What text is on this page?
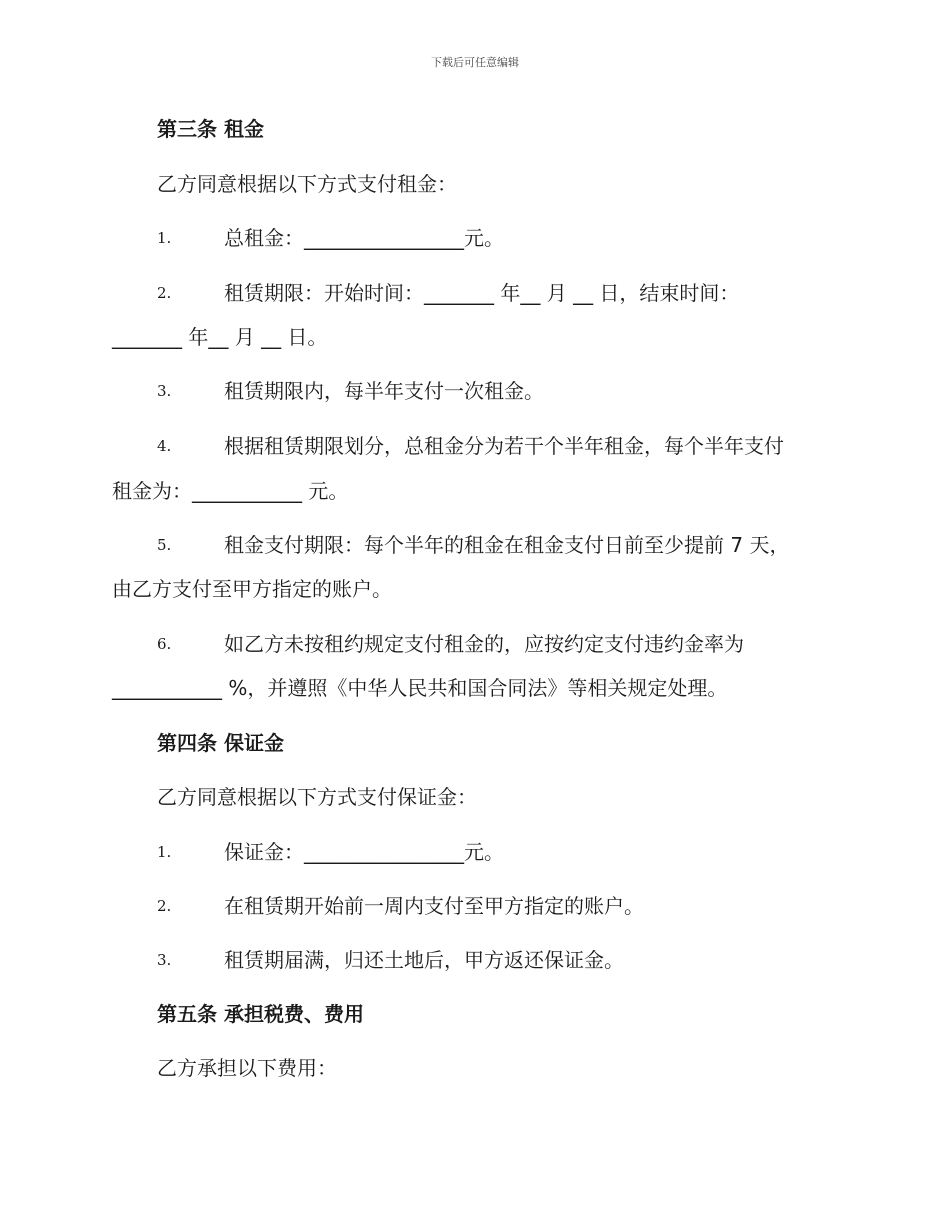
下载后可任意编辑
第三条 租金
乙方同意根据以下方式支付租金：
1.	总租金：________________元。
2.	租赁期限：开始时间：_______ 年__ 月 __ 日，结束时间：
_______ 年__ 月 __ 日。
3.	租赁期限内，每半年支付一次租金。
4.	根据租赁期限划分，总租金分为若干个半年租金，每个半年支付
租金为：___________ 元。
5.	租金支付期限：每个半年的租金在租金支付日前至少提前 7 天，
由乙方支付至甲方指定的账户。
6.	如乙方未按租约规定支付租金的，应按约定支付违约金率为
___________ %，并遵照《中华人民共和国合同法》等相关规定处理。
第四条 保证金
乙方同意根据以下方式支付保证金：
1.	保证金：________________元。
2.	在租赁期开始前一周内支付至甲方指定的账户。
3.	租赁期届满，归还土地后，甲方返还保证金。
第五条 承担税费、费用
乙方承担以下费用：
